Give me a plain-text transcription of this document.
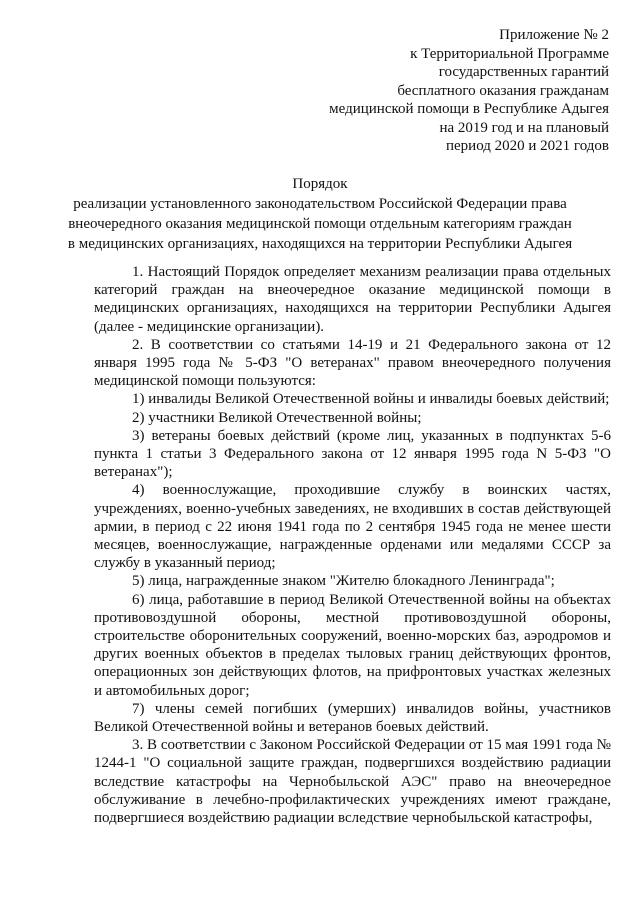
Приложение № 2
к Территориальной Программе
государственных гарантий
бесплатного оказания гражданам
медицинской помощи в Республике Адыгея
на 2019 год и на плановый
период 2020 и 2021 годов
Порядок
реализации установленного законодательством Российской Федерации права
внеочередного оказания медицинской помощи отдельным категориям граждан
в медицинских организациях, находящихся на территории Республики Адыгея

1. Настоящий Порядок определяет механизм реализации права отдельных категорий граждан на внеочередное оказание медицинской помощи в медицинских организациях, находящихся на территории Республики Адыгея (далее - медицинские организации).

2. В соответствии со статьями 14-19 и 21 Федерального закона от 12 января 1995 года № 5-ФЗ "О ветеранах" правом внеочередного получения медицинской помощи пользуются:

1) инвалиды Великой Отечественной войны и инвалиды боевых действий;

2) участники Великой Отечественной войны;

3) ветераны боевых действий (кроме лиц, указанных в подпунктах 5-6 пункта 1 статьи 3 Федерального закона от 12 января 1995 года N 5-ФЗ "О ветеранах");

4) военнослужащие, проходившие службу в воинских частях, учреждениях, военно-учебных заведениях, не входивших в состав действующей армии, в период с 22 июня 1941 года по 2 сентября 1945 года не менее шести месяцев, военнослужащие, награжденные орденами или медалями СССР за службу в указанный период;

5) лица, награжденные знаком "Жителю блокадного Ленинграда";

6) лица, работавшие в период Великой Отечественной войны на объектах противовоздушной обороны, местной противовоздушной обороны, строительстве оборонительных сооружений, военно-морских баз, аэродромов и других военных объектов в пределах тыловых границ действующих фронтов, операционных зон действующих флотов, на прифронтовых участках железных и автомобильных дорог;

7) члены семей погибших (умерших) инвалидов войны, участников Великой Отечественной войны и ветеранов боевых действий.

3. В соответствии с Законом Российской Федерации от 15 мая 1991 года № 1244-1 "О социальной защите граждан, подвергшихся воздействию радиации вследствие катастрофы на Чернобыльской АЭС" право на внеочередное обслуживание в лечебно-профилактических учреждениях имеют граждане, подвергшиеся воздействию радиации вследствие чернобыльской катастрофы,
